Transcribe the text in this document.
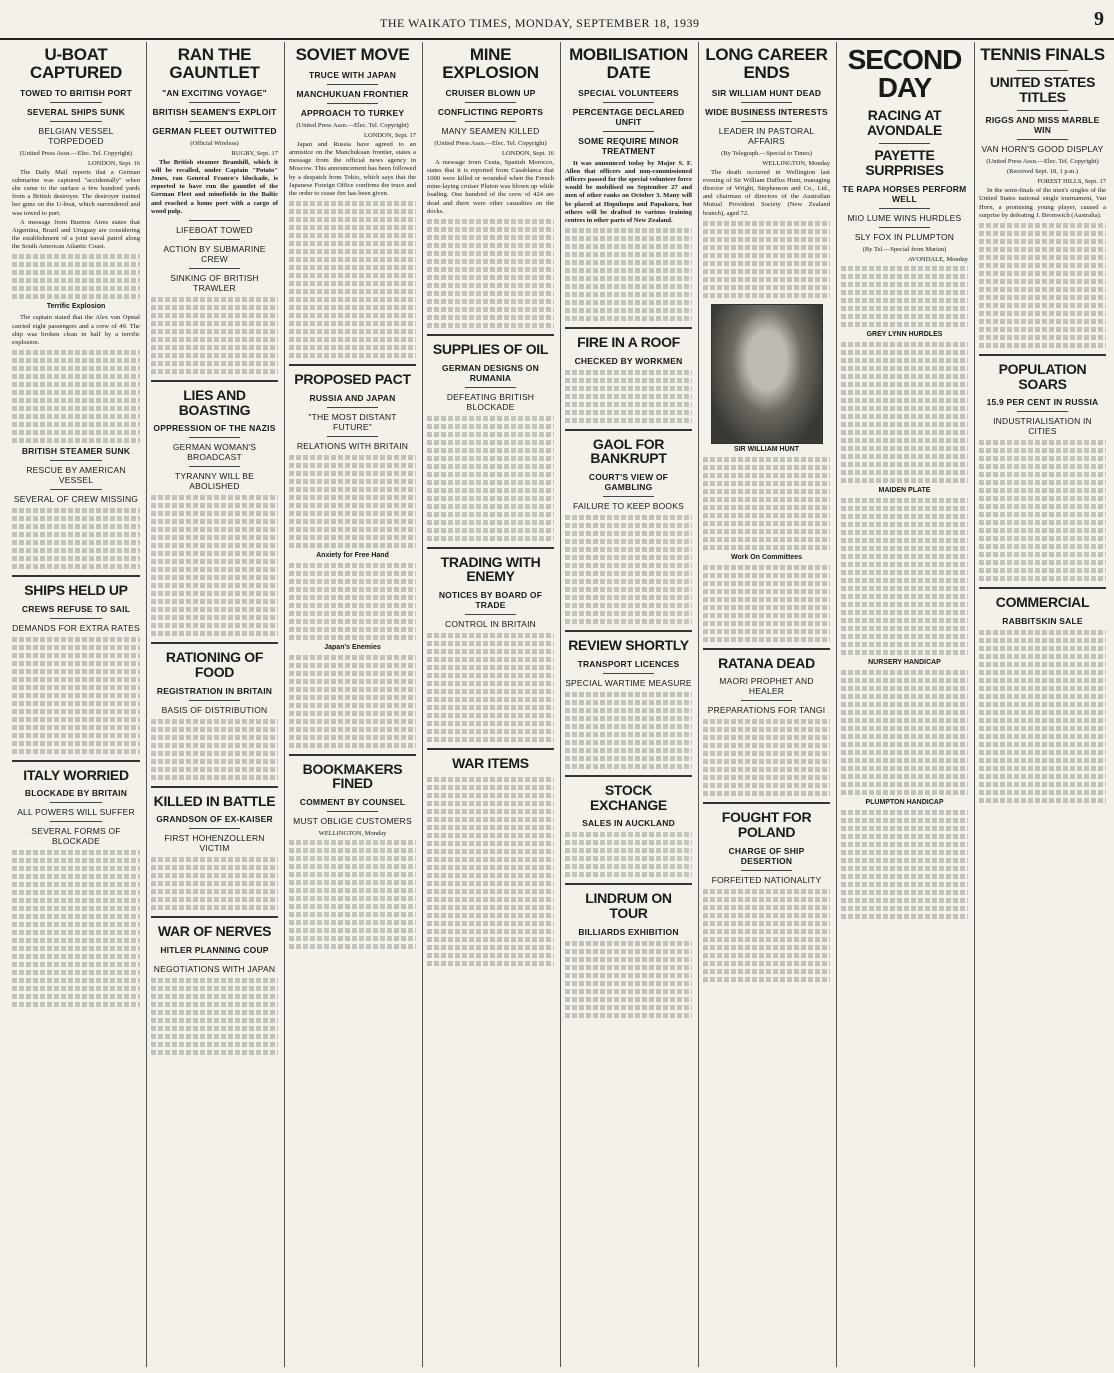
THE WAIKATO TIMES, MONDAY, SEPTEMBER 18, 1939	9
U-BOAT CAPTURED
TOWED TO BRITISH PORT
SEVERAL SHIPS SUNK
BELGIAN VESSEL TORPEDOED
(United Press Assn.—Elec. Tel. Copyright)
LONDON, Sept. 16

The Daily Mail reports that a German submarine was captured "accidentally" when she came to the surface a few hundred yards from a British destroyer. The destroyer trained her guns on the U-boat, which surrendered and was towed to port.

A message from Buenos Aires states that Argentina, Brazil and Uruguay are considering the establishment of a joint naval patrol along the South American Atlantic Coast.

Terrific Explosion

The captain stated that the Alex van Opstal carried eight passengers and a crew of 49. The ship was broken clean in half by a terrific explosion.

BRITISH STEAMER SUNK
RESCUE BY AMERICAN VESSEL
SEVERAL OF CREW MISSING
SHIPS HELD UP
CREWS REFUSE TO SAIL
DEMANDS FOR EXTRA RATES
ITALY WORRIED
BLOCKADE BY BRITAIN
ALL POWERS WILL SUFFER
SEVERAL FORMS OF BLOCKADE
RAN THE GAUNTLET
"AN EXCITING VOYAGE"
BRITISH SEAMEN'S EXPLOIT
GERMAN FLEET OUTWITTED
(Official Wireless)
RUGBY, Sept. 17

The British steamer Bramhill, which it will be recalled, under Captain "Potato" Jones, ran General Franco's blockade, is reported to have run the gauntlet of the German Fleet and minefields in the Baltic and reached a home port with a cargo of wood pulp.

LIFEBOAT TOWED
ACTION BY SUBMARINE CREW
SINKING OF BRITISH TRAWLER
LIES AND BOASTING
OPPRESSION OF THE NAZIS
GERMAN WOMAN'S BROADCAST
TYRANNY WILL BE ABOLISHED
RATIONING OF FOOD
REGISTRATION IN BRITAIN
BASIS OF DISTRIBUTION
KILLED IN BATTLE
GRANDSON OF EX-KAISER
FIRST HOHENZOLLERN VICTIM
WAR OF NERVES
HITLER PLANNING COUP
NEGOTIATIONS WITH JAPAN
SOVIET MOVE
TRUCE WITH JAPAN
MANCHUKUAN FRONTIER
APPROACH TO TURKEY
(United Press Assn.—Elec. Tel. Copyright)
LONDON, Sept. 17

Japan and Russia have agreed to an armistice on the Manchukuan frontier, states a message from the official news agency in Moscow. This announcement has been followed by a despatch from Tokio, which says that the Japanese Foreign Office confirms the truce and the order to cease fire has been given.

PROPOSED PACT
RUSSIA AND JAPAN
"THE MOST DISTANT FUTURE"
RELATIONS WITH BRITAIN
Anxiety for Free Hand
Japan's Enemies
BOOKMAKERS FINED
COMMENT BY COUNSEL
MUST OBLIGE CUSTOMERS
WELLINGTON, Monday
MINE EXPLOSION
CRUISER BLOWN UP
CONFLICTING REPORTS
MANY SEAMEN KILLED
(United Press Assn.—Elec. Tel. Copyright)
LONDON, Sept. 16

A message from Ceuta, Spanish Morocco, states that it is reported from Casablanca that 1000 were killed or wounded when the French mine-laying cruiser Pluton was blown up while loading. One hundred of the crew of 424 are dead and there were other casualties on the docks.

SUPPLIES OF OIL
GERMAN DESIGNS ON RUMANIA
DEFEATING BRITISH BLOCKADE
TRADING WITH ENEMY
NOTICES BY BOARD OF TRADE
CONTROL IN BRITAIN
WAR ITEMS
MOBILISATION DATE
SPECIAL VOLUNTEERS
PERCENTAGE DECLARED UNFIT
SOME REQUIRE MINOR TREATMENT

It was announced today by Major S. F. Allen that officers and non-commissioned officers passed for the special volunteer force would be mobilised on September 27 and men of other ranks on October 3. Many will be placed at Hopuhopu and Papakura, but others will be drafted to various training centres in other parts of New Zealand.

FIRE IN A ROOF
CHECKED BY WORKMEN
GAOL FOR BANKRUPT
COURT'S VIEW OF GAMBLING
FAILURE TO KEEP BOOKS
REVIEW SHORTLY
TRANSPORT LICENCES
SPECIAL WARTIME MEASURE
STOCK EXCHANGE
SALES IN AUCKLAND
LINDRUM ON TOUR
BILLIARDS EXHIBITION
LONG CAREER ENDS
SIR WILLIAM HUNT DEAD
WIDE BUSINESS INTERESTS
LEADER IN PASTORAL AFFAIRS
(By Telegraph.—Special to Times)
WELLINGTON, Monday

The death occurred in Wellington last evening of Sir William Duffus Hunt, managing director of Wright, Stephenson and Co., Ltd., and chairman of directors of the Australian Mutual Provident Society (New Zealand branch), aged 72.

SIR WILLIAM HUNT
Work On Committees
RATANA DEAD
MAORI PROPHET AND HEALER
PREPARATIONS FOR TANGI
FOUGHT FOR POLAND
CHARGE OF SHIP DESERTION
FORFEITED NATIONALITY
SECOND DAY
RACING AT AVONDALE
PAYETTE SURPRISES
TE RAPA HORSES PERFORM WELL
MIO LUME WINS HURDLES
SLY FOX IN PLUMPTON
(By Tel.—Special from Marian)
AVONDALE, Monday
GREY LYNN HURDLES
MAIDEN PLATE
NURSERY HANDICAP
PLUMPTON HANDICAP
TENNIS FINALS
UNITED STATES TITLES
RIGGS AND MISS MARBLE WIN
VAN HORN'S GOOD DISPLAY
(United Press Assn.—Elec. Tel. Copyright)
(Received Sept. 18, 1 p.m.)
FOREST HILLS, Sept. 17

In the semi-finals of the men's singles of the United States national single tournament, Van Horn, a promising young player, caused a surprise by defeating J. Bromwich (Australia).

POPULATION SOARS
15.9 PER CENT IN RUSSIA
INDUSTRIALISATION IN CITIES
COMMERCIAL
RABBITSKIN SALE
